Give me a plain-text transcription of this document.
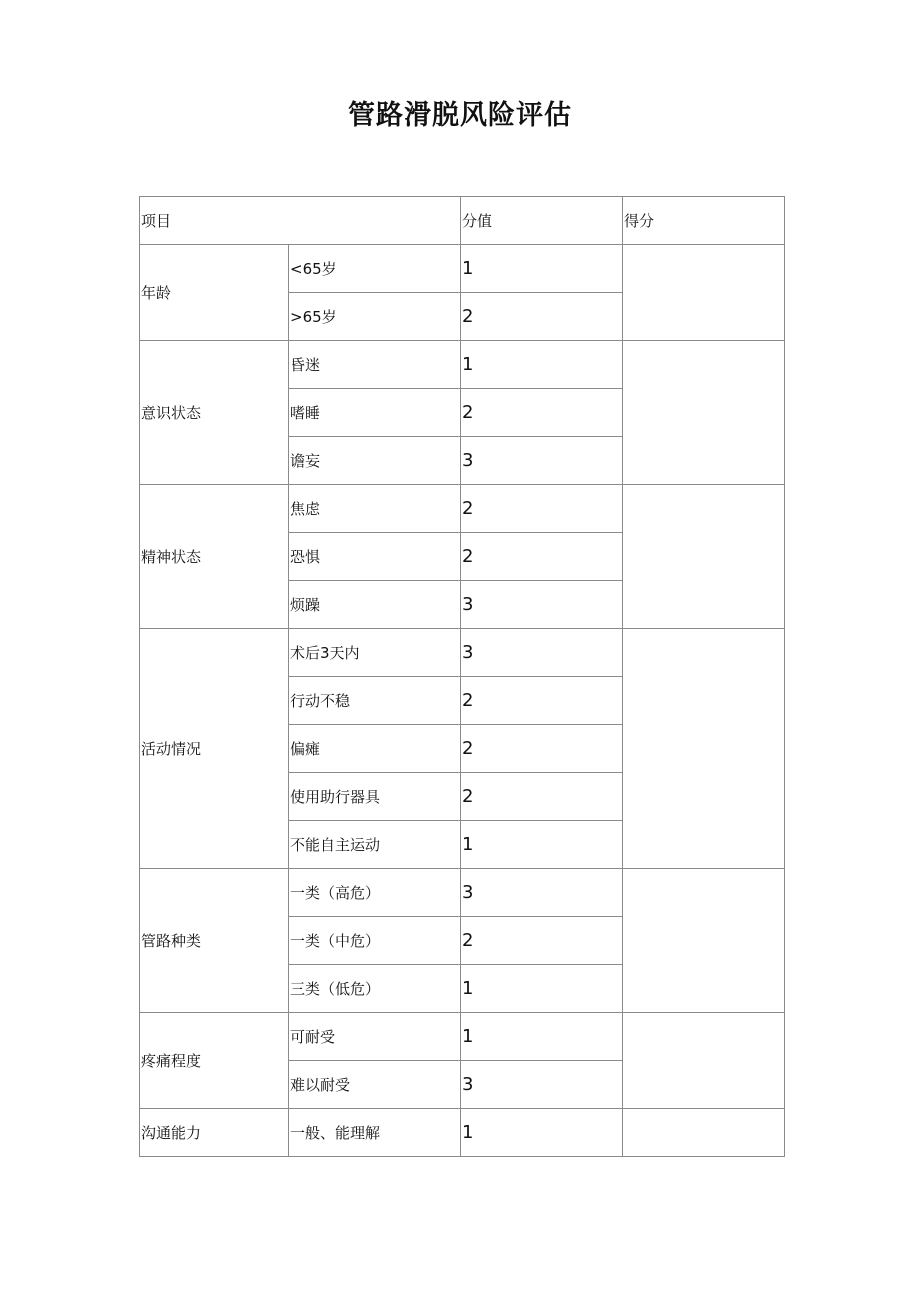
管路滑脱风险评估
项目		分值	得分
年龄	<65岁	1	
	>65岁	2	
意识状态	昏迷	1	
	嗜睡	2	
	谵妄	3	
精神状态	焦虑	2	
	恐惧	2	
	烦躁	3	
活动情况	术后3天内	3	
	行动不稳	2	
	偏瘫	2	
	使用助行器具	2	
	不能自主运动	1	
管路种类	一类（高危）	3	
	一类（中危）	2	
	三类（低危）	1	
疼痛程度	可耐受	1	
	难以耐受	3	
沟通能力	一般、能理解	1	
